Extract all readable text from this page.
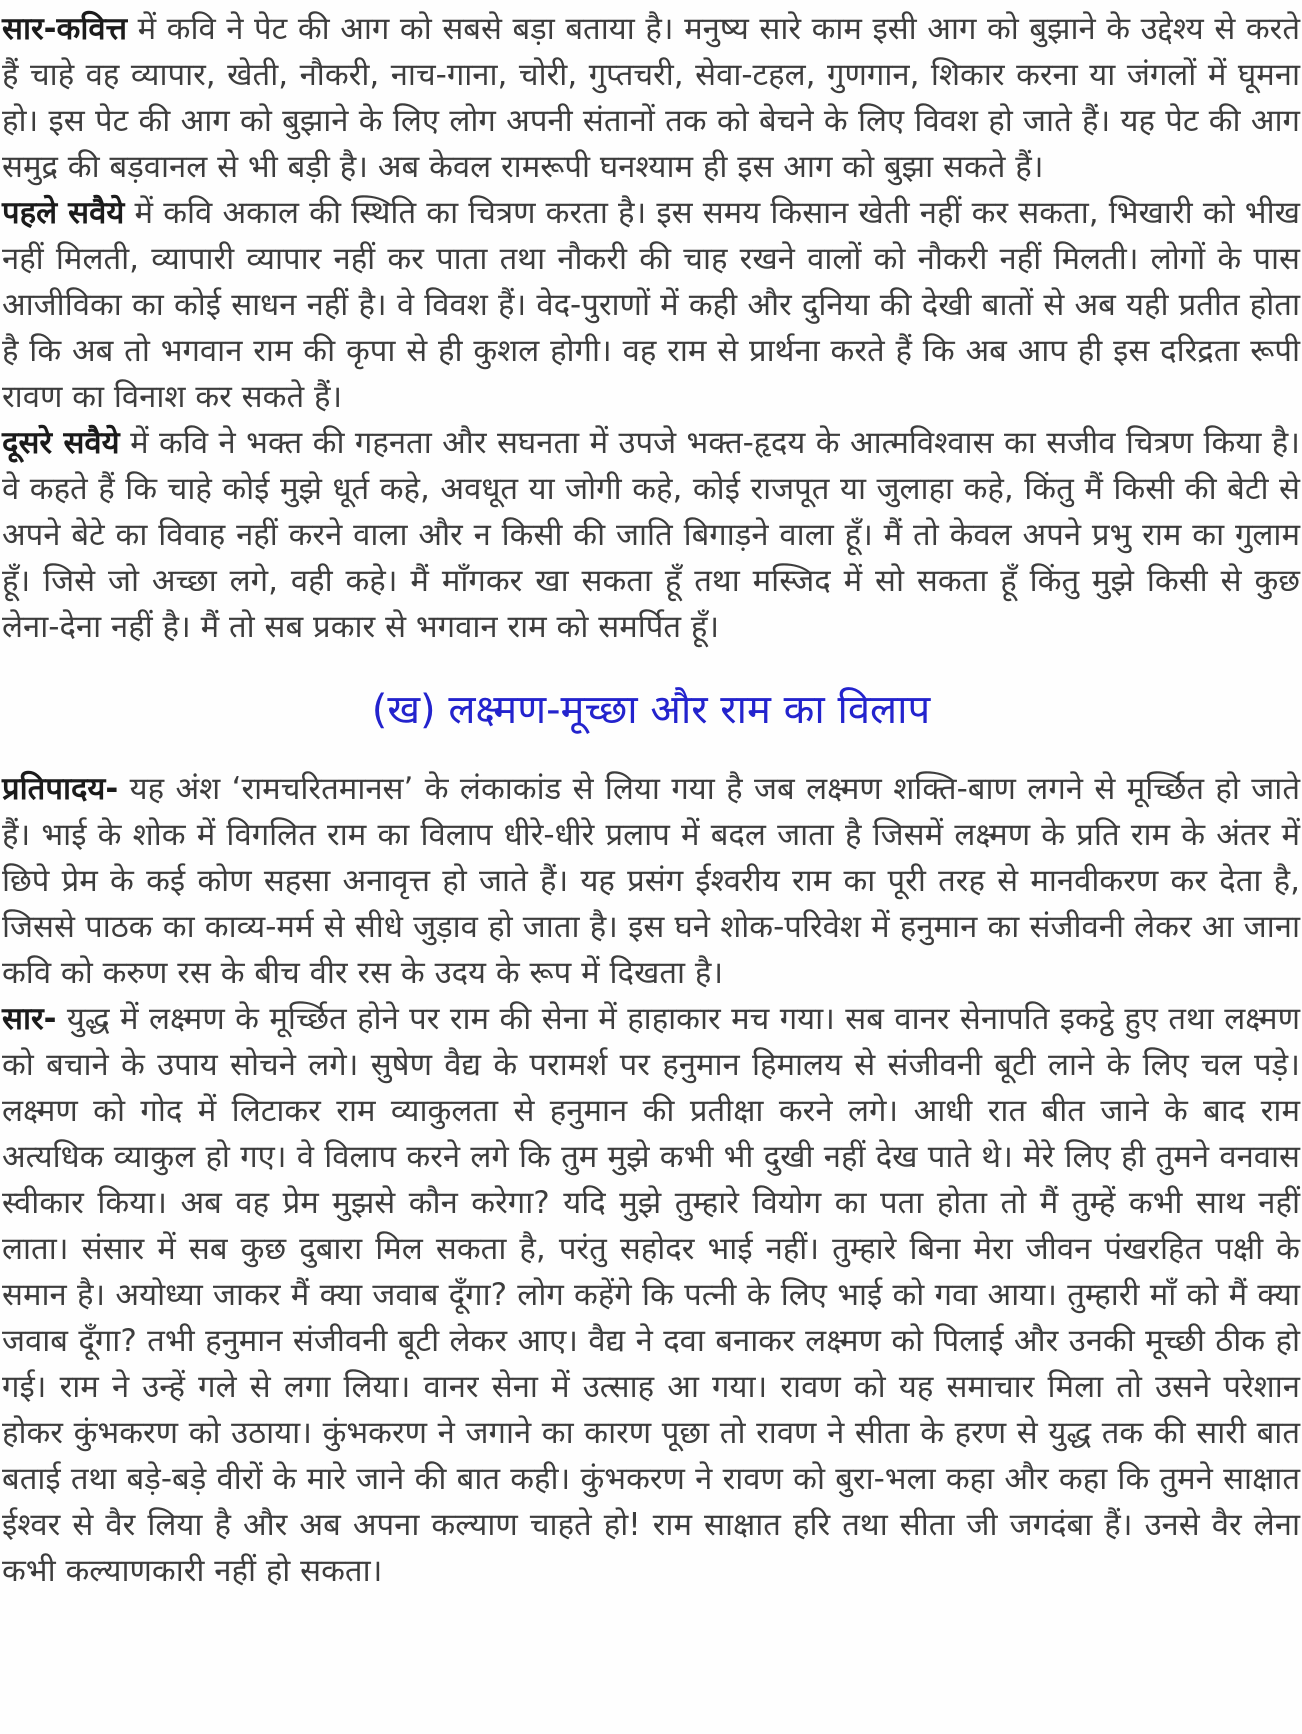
सार-कवित्त में कवि ने पेट की आग को सबसे बड़ा बताया है। मनुष्य सारे काम इसी आग को बुझाने के उद्देश्य से करते हैं चाहे वह व्यापार, खेती, नौकरी, नाच-गाना, चोरी, गुप्तचरी, सेवा-टहल, गुणगान, शिकार करना या जंगलों में घूमना हो। इस पेट की आग को बुझाने के लिए लोग अपनी संतानों तक को बेचने के लिए विवश हो जाते हैं। यह पेट की आग समुद्र की बड़वानल से भी बड़ी है। अब केवल रामरूपी घनश्याम ही इस आग को बुझा सकते हैं।

पहले सवैये में कवि अकाल की स्थिति का चित्रण करता है। इस समय किसान खेती नहीं कर सकता, भिखारी को भीख नहीं मिलती, व्यापारी व्यापार नहीं कर पाता तथा नौकरी की चाह रखने वालों को नौकरी नहीं मिलती। लोगों के पास आजीविका का कोई साधन नहीं है। वे विवश हैं। वेद-पुराणों में कही और दुनिया की देखी बातों से अब यही प्रतीत होता है कि अब तो भगवान राम की कृपा से ही कुशल होगी। वह राम से प्रार्थना करते हैं कि अब आप ही इस दरिद्रता रूपी रावण का विनाश कर सकते हैं।

दूसरे सवैये में कवि ने भक्त की गहनता और सघनता में उपजे भक्त-हृदय के आत्मविश्वास का सजीव चित्रण किया है। वे कहते हैं कि चाहे कोई मुझे धूर्त कहे, अवधूत या जोगी कहे, कोई राजपूत या जुलाहा कहे, किंतु मैं किसी की बेटी से अपने बेटे का विवाह नहीं करने वाला और न किसी की जाति बिगाड़ने वाला हूँ। मैं तो केवल अपने प्रभु राम का गुलाम हूँ। जिसे जो अच्छा लगे, वही कहे। मैं माँगकर खा सकता हूँ तथा मस्जिद में सो सकता हूँ किंतु मुझे किसी से कुछ लेना-देना नहीं है। मैं तो सब प्रकार से भगवान राम को समर्पित हूँ।

(ख) लक्ष्मण-मूच्छा और राम का विलाप

प्रतिपादय- यह अंश ‘रामचरितमानस’ के लंकाकांड से लिया गया है जब लक्ष्मण शक्ति-बाण लगने से मूर्च्छित हो जाते हैं। भाई के शोक में विगलित राम का विलाप धीरे-धीरे प्रलाप में बदल जाता है जिसमें लक्ष्मण के प्रति राम के अंतर में छिपे प्रेम के कई कोण सहसा अनावृत्त हो जाते हैं। यह प्रसंग ईश्वरीय राम का पूरी तरह से मानवीकरण कर देता है, जिससे पाठक का काव्य-मर्म से सीधे जुड़ाव हो जाता है। इस घने शोक-परिवेश में हनुमान का संजीवनी लेकर आ जाना कवि को करुण रस के बीच वीर रस के उदय के रूप में दिखता है।

सार- युद्ध में लक्ष्मण के मूर्च्छित होने पर राम की सेना में हाहाकार मच गया। सब वानर सेनापति इकट्ठे हुए तथा लक्ष्मण को बचाने के उपाय सोचने लगे। सुषेण वैद्य के परामर्श पर हनुमान हिमालय से संजीवनी बूटी लाने के लिए चल पड़े। लक्ष्मण को गोद में लिटाकर राम व्याकुलता से हनुमान की प्रतीक्षा करने लगे। आधी रात बीत जाने के बाद राम अत्यधिक व्याकुल हो गए। वे विलाप करने लगे कि तुम मुझे कभी भी दुखी नहीं देख पाते थे। मेरे लिए ही तुमने वनवास स्वीकार किया। अब वह प्रेम मुझसे कौन करेगा? यदि मुझे तुम्हारे वियोग का पता होता तो मैं तुम्हें कभी साथ नहीं लाता। संसार में सब कुछ दुबारा मिल सकता है, परंतु सहोदर भाई नहीं। तुम्हारे बिना मेरा जीवन पंखरहित पक्षी के समान है। अयोध्या जाकर मैं क्या जवाब दूँगा? लोग कहेंगे कि पत्नी के लिए भाई को गवा आया। तुम्हारी माँ को मैं क्या जवाब दूँगा? तभी हनुमान संजीवनी बूटी लेकर आए। वैद्य ने दवा बनाकर लक्ष्मण को पिलाई और उनकी मूच्छी ठीक हो गई। राम ने उन्हें गले से लगा लिया। वानर सेना में उत्साह आ गया। रावण को यह समाचार मिला तो उसने परेशान होकर कुंभकरण को उठाया। कुंभकरण ने जगाने का कारण पूछा तो रावण ने सीता के हरण से युद्ध तक की सारी बात बताई तथा बड़े-बड़े वीरों के मारे जाने की बात कही। कुंभकरण ने रावण को बुरा-भला कहा और कहा कि तुमने साक्षात ईश्वर से वैर लिया है और अब अपना कल्याण चाहते हो! राम साक्षात हरि तथा सीता जी जगदंबा हैं। उनसे वैर लेना कभी कल्याणकारी नहीं हो सकता।
